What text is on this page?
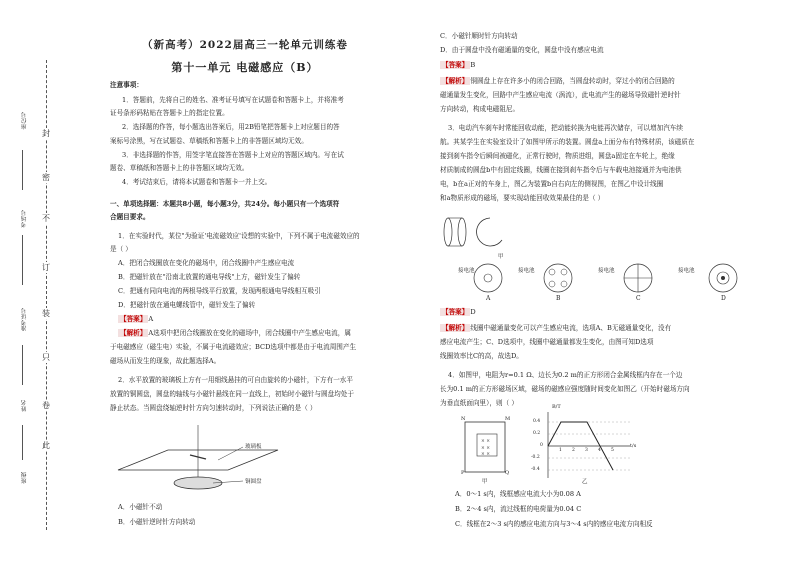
封
密
不
订
装
只
卷
此
座位号
考场号
准考证号
姓名
班级
（新高考）2022届高三一轮单元训练卷
第十一单元 电磁感应（B）
注意事项：
1．答题前，先将自己的姓名、准考证号填写在试题卷和答题卡上，并将准考
证号条形码粘贴在答题卡上的指定位置。
2．选择题的作答，每小题选出答案后，用2B铅笔把答题卡上对应题目的答
案标号涂黑，写在试题卷、草稿纸和答题卡上的非答题区域均无效。
3．非选择题的作答，用签字笔直接答在答题卡上对应的答题区域内。写在试
题卷、草稿纸和答题卡上的非答题区域均无效。
4．考试结束后，请将本试题卷和答题卡一并上交。
一、单项选择题：本题共8小题，每小题3分，共24分。每小题只有一个选项符
合题目要求。
1．在实验时代，某位"为验证'电流磁效应'设想的实验中，下列不属于电流磁效应的
是（ ）
A．把闭合线圈放在变化的磁场中，闭合线圈中产生感应电流
B．把磁针放在"沿南北放置的通电导线"上方，磁针发生了偏转
C．把通有同向电流的两根导线平行放置，发现两根通电导线相互吸引
D．把磁针放在通电螺线管中，磁针发生了偏转
【答案】 A
【解析】 A选项中把闭合线圈放在变化的磁场中，闭合线圈中产生感应电流，属
于电磁感应（磁生电）实验，不属于电流磁效应；BCD选项中都是由于电流周围产生
磁场从而发生的现象，故此题选择A。
2．水平放置的玻璃板上方有一用细线悬挂的可自由旋转的小磁针，下方有一水平
放置的铜圆盘，圆盘的轴线与小磁针悬线在同一直线上，初始时小磁针与圆盘均处于
静止状态。当圆盘绕轴逆时针方向匀速转动时，下列说法正确的是（ ）
玻璃板
铜圆盘
A．小磁针不动
B．小磁针逆时针方向转动
C．小磁针顺时针方向转动
D．由于圆盘中没有磁通量的变化，圆盘中没有感应电流
【答案】 B
【解析】 铜圆盘上存在许多小的闭合回路，当圆盘转动时，穿过小的闭合回路的
磁通量发生变化，回路中产生感应电流（涡流），此电流产生的磁场导致磁针逆时针
方向转动，构成电磁阻尼。
3．电动汽车刹车时常能回收动能，把动能转换为电能再次储存，可以增加汽车续
航。其某学生在实验室设计了如图甲所示的装置。圆盘a上面分布有特殊材质，该磁质在
接到刹车指令后瞬间被磁化，正常行驶时，物质进组，圆盘a固定在车轮上，绝缘
材质制成的圆盘b中有固定线圈，线圈在接到刹车指令后与车载电池接通并为电池供
电，b在a正对的车身上，图乙为装置b自右向左的侧视图，在图乙中设计线圈
和a物质形成的磁场，要实现动能回收效果最佳的是（ ）
甲
接电池	接电池	接电池	接电池
A	B	C	D
【答案】 D
【解析】 线圈中磁通量变化可以产生感应电流，选项A、B无磁通量变化，没有
感应电流产生；C、D选项中，线圈中磁通量都发生变化，由图可知D选项
线圈效率比C的高，故选D。
4．如图甲，电阻为r=0.1 Ω、边长为0.2 m的正方形闭合金属线框内存在一个边
长为0.1 m的正方形磁场区域，磁场的磁感应强度随时间变化如图乙（开始时磁场方向
为垂直纸面向里），则（ ）
× ×
× ×
× ×
N	M
P	Q
甲
B/T
t/s
0.4
0.2
0
-0.2
-0.4
1 2 3 4 5
乙
A．0～1 s内，线框感应电流大小为0.08 A
B．2～4 s内，流过线框的电荷量为0.04 C
C．线框在2～3 s内的感应电流方向与3～4 s内的感应电流方向相反
